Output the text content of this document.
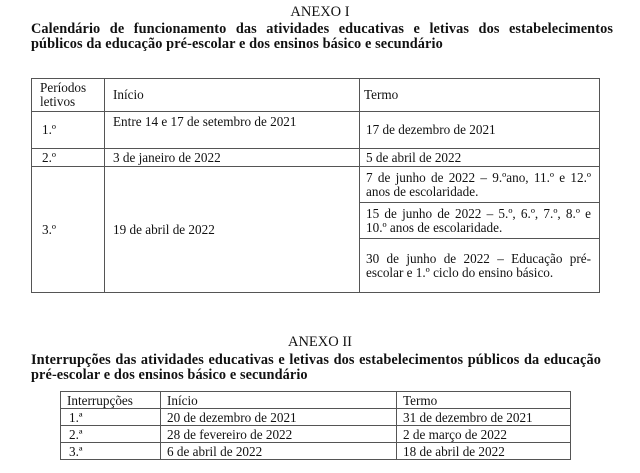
ANEXO I
Calendário de funcionamento das atividades educativas e letivas dos estabelecimentos públicos da educação pré-escolar e dos ensinos básico e secundário
Períodos letivos	Início	Termo
1.º	Entre 14 e 17 de setembro de 2021	17 de dezembro de 2021
2.º	3 de janeiro de 2022	5 de abril de 2022
3.º	19 de abril de 2022	7 de junho de 2022 – 9.ºano, 11.º e 12.º anos de escolaridade.
		15 de junho de 2022 – 5.º, 6.º, 7.º, 8.º e 10.º anos de escolaridade.
		30 de junho de 2022 – Educação pré-escolar e 1.º ciclo do ensino básico.
ANEXO II
Interrupções das atividades educativas e letivas dos estabelecimentos públicos da educação pré-escolar e dos ensinos básico e secundário
Interrupções	Início	Termo
1.ª	20 de dezembro de 2021	31 de dezembro de 2021
2.ª	28 de fevereiro de 2022	2 de março de 2022
3.ª	6 de abril de 2022	18 de abril de 2022
